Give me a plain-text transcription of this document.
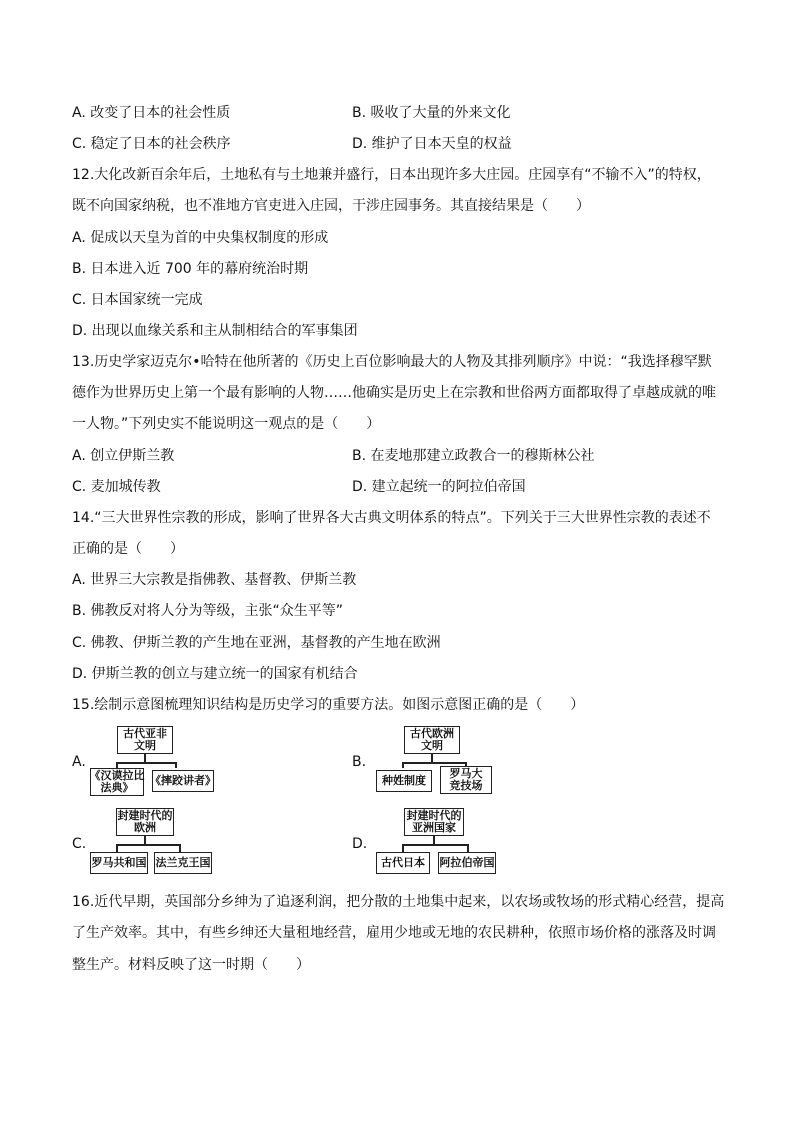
A. 改变了日本的社会性质	B. 吸收了大量的外来文化
C. 稳定了日本的社会秩序	D. 维护了日本天皇的权益
12.大化改新百余年后，土地私有与土地兼并盛行，日本出现许多大庄园。庄园享有“不输不入”的特权，
既不向国家纳税，也不准地方官吏进入庄园，干涉庄园事务。其直接结果是（　　）
A. 促成以天皇为首的中央集权制度的形成
B. 日本进入近 700 年的幕府统治时期
C. 日本国家统一完成
D. 出现以血缘关系和主从制相结合的军事集团
13.历史学家迈克尔•哈特在他所著的《历史上百位影响最大的人物及其排列顺序》中说：“我选择穆罕默
德作为世界历史上第一个最有影响的人物……他确实是历史上在宗教和世俗两方面都取得了卓越成就的唯
一人物。”下列史实不能说明这一观点的是（　　）
A. 创立伊斯兰教	B. 在麦地那建立政教合一的穆斯林公社
C. 麦加城传教	D. 建立起统一的阿拉伯帝国
14.“三大世界性宗教的形成，影响了世界各大古典文明体系的特点”。下列关于三大世界性宗教的表述不
正确的是（　　）
A. 世界三大宗教是指佛教、基督教、伊斯兰教
B. 佛教反对将人分为等级，主张“众生平等”
C. 佛教、伊斯兰教的产生地在亚洲，基督教的产生地在欧洲
D. 伊斯兰教的创立与建立统一的国家有机结合
15.绘制示意图梳理知识结构是历史学习的重要方法。如图示意图正确的是（　　）
A.
古代亚非
文明
《汉谟拉比
法典》
《摔跤讲者》
B.
古代欧洲
文明
种姓制度
罗马大
竞技场
C.
封建时代的
欧洲
罗马共和国 法兰克王国
D.
封建时代的
亚洲国家
古代日本	阿拉伯帝国
16.近代早期，英国部分乡绅为了追逐利润，把分散的土地集中起来，以农场或牧场的形式精心经营，提高
了生产效率。其中，有些乡绅还大量租地经营，雇用少地或无地的农民耕种，依照市场价格的涨落及时调
整生产。材料反映了这一时期（　　）
